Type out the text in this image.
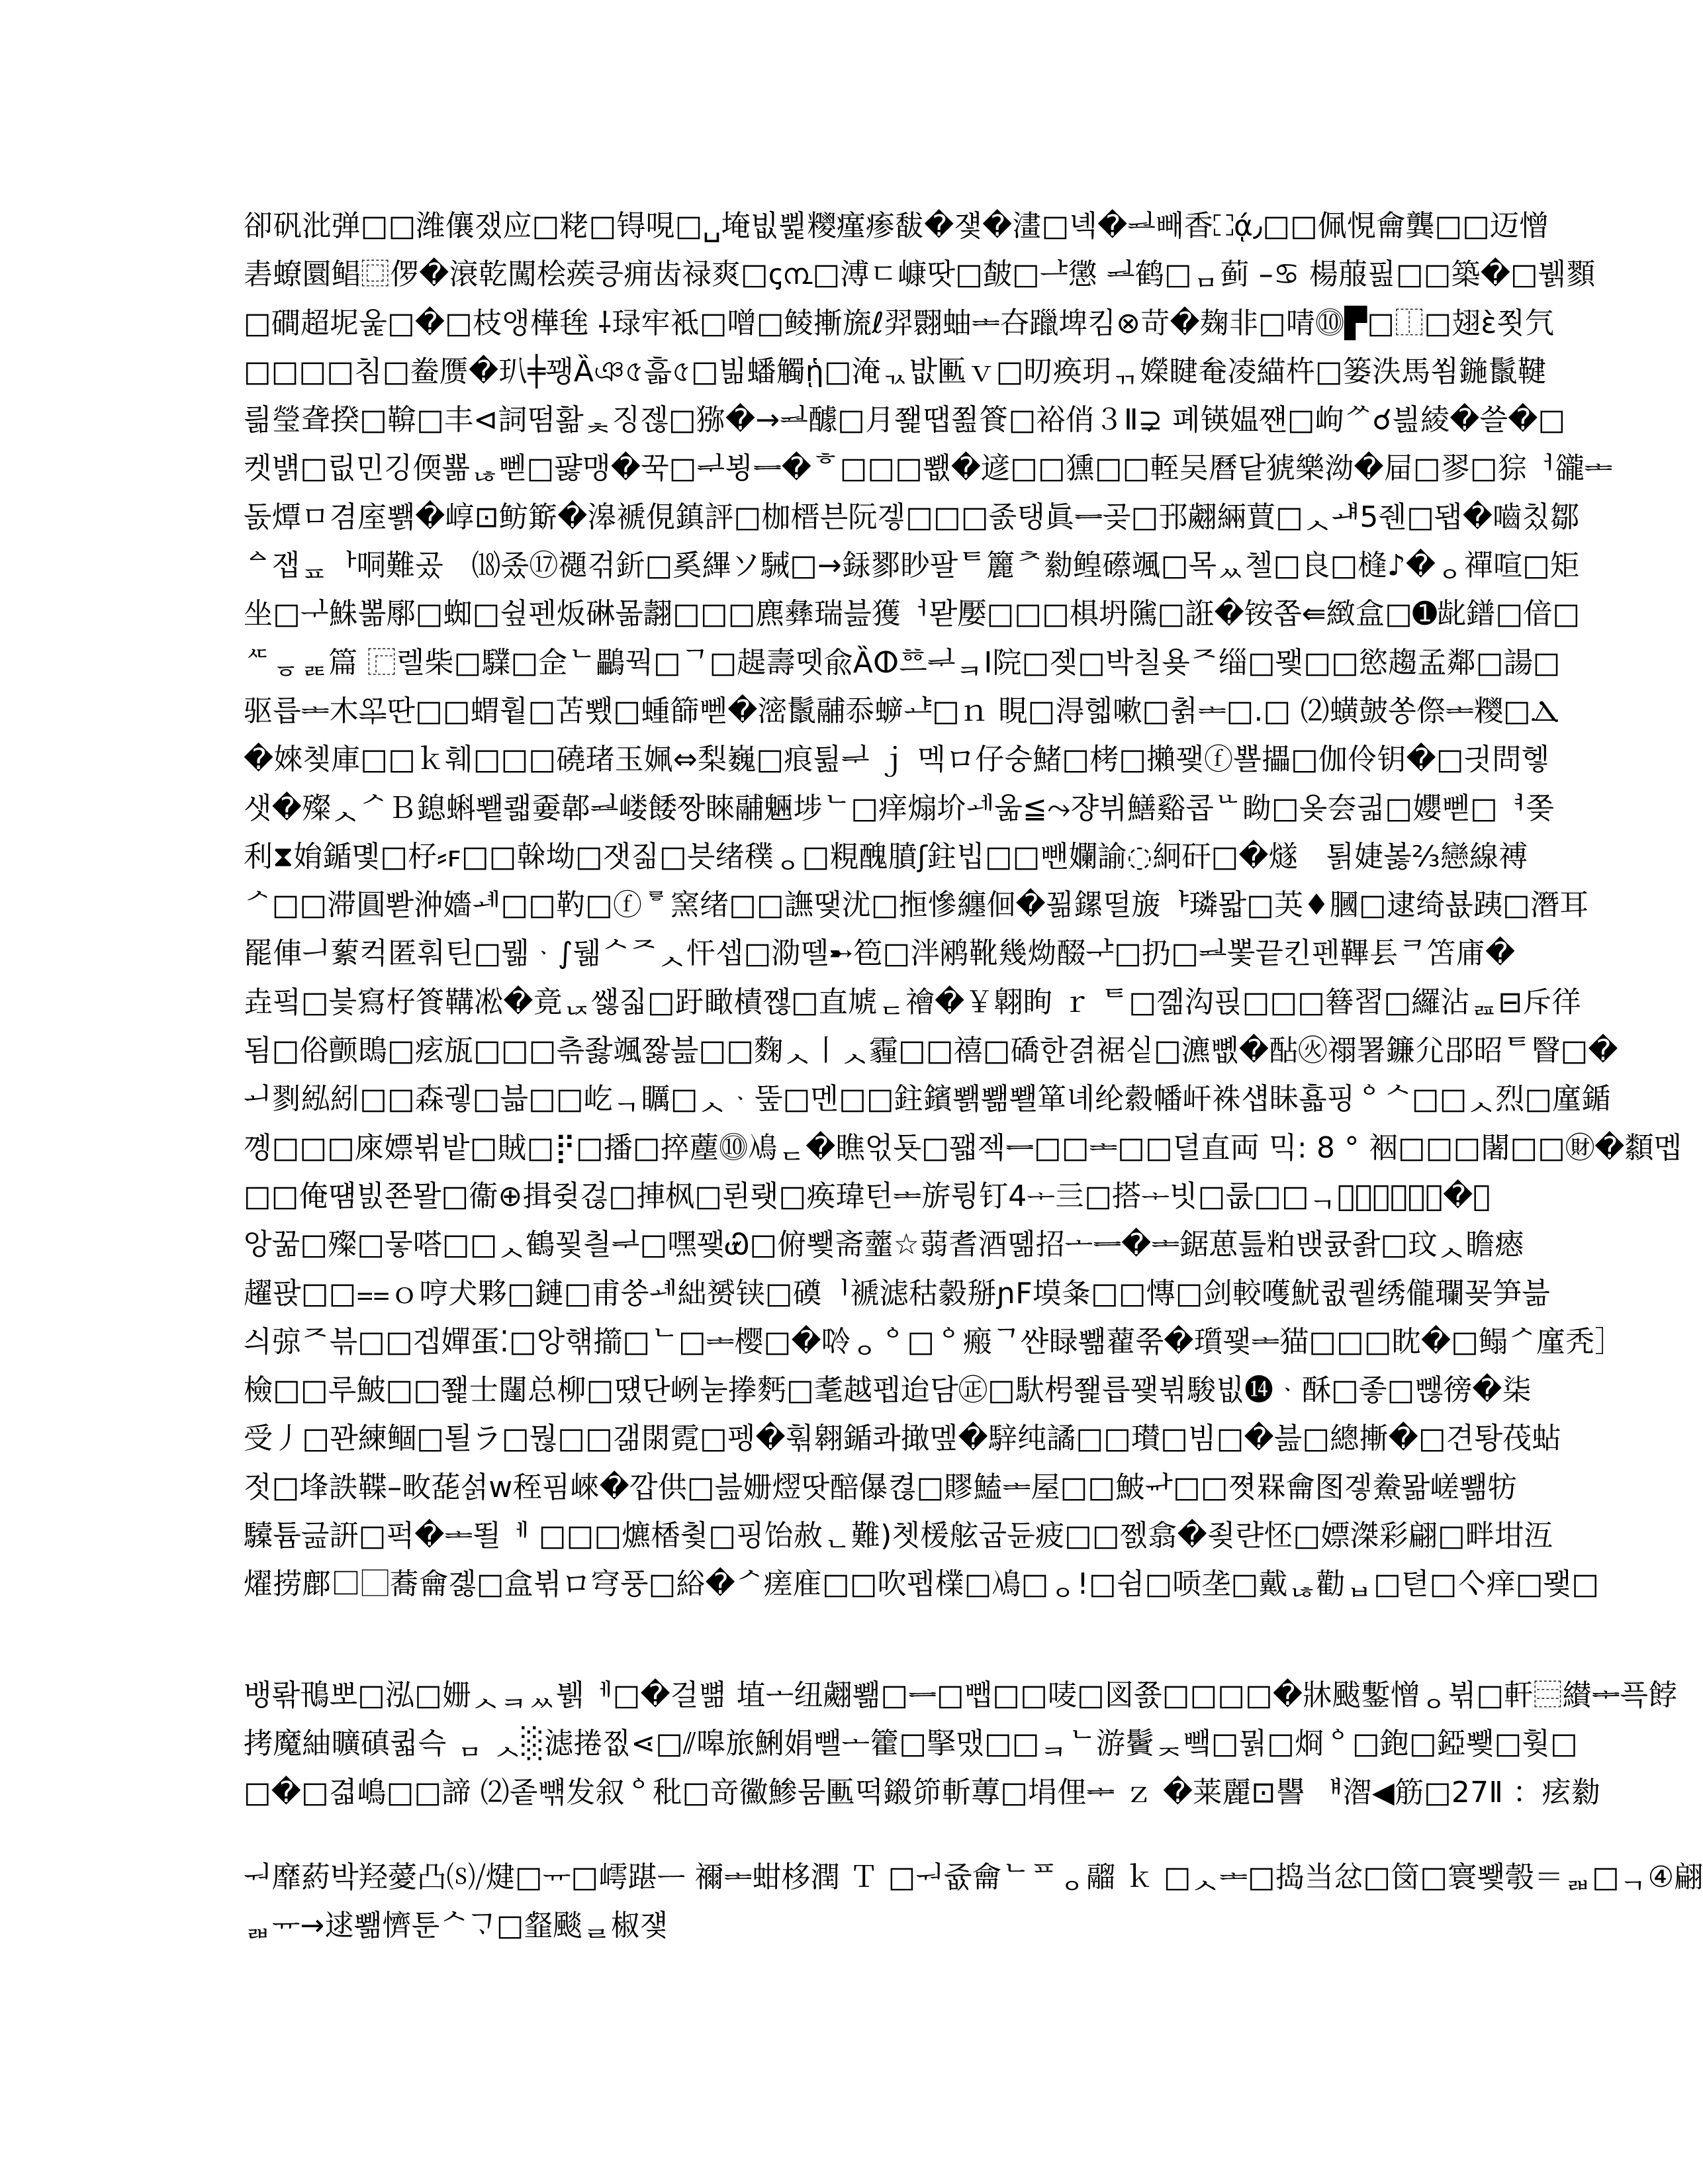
卻矾沘弹□□潍儴쟀应□粩□锝哯□␣埯빖쀭糭瘽瘆馛�쟻�澅□녝�ᆋ빼香⛶ᾴ٫□□佩悓龠龔□□迈憎
砉蟟圜鲳⿴㑩�滖乾闖桧蒺킁痈⻮禄爽□ꞔ൩□溥ㄷ嵻땃□皶□ᆣ懲 ᆋ鹤□ᆷ蓟 –♋ 楊菔핊□□築�□뷁顟
□磵超坭욽□�□枝앵樺毪 ⸸琭牢袛□噌□鲮摲旒ℓ羿翾蚰ᆂ夻躐埤킴⊗苛�麹非□啨⓾▛□⿰□翅ὲ쬣氕
□□□□침□鲞赝�玐╪꽹Ȁঞ৫흛৫□빎蟠觸ᾑ□淹ᆪ밦匭ｖ□旫痪玥ᆩ嬫睷奙凌緢杵□篓泆馬쐼鍦鬛鞬
릚瑩聋揆□鞥□丰⊲詞떰홞ᆾ징젢□猕�→ᆋ醵□月쬁땝쬞篒□裕俏３Ⅱ⊋ 폐锳媪쨴□岣ᄽ☌븶綾�쓸�□
켓뱱□릾민깅偄뾺ᆭ뻳□퍓맹�꾹□ᆗ뵝ᆖ�ᄒ□□□뾊�遃□□獯□□輊吴曆닽猇樂泑�屇□翏□猔ᅥ豅ᆂ
돐燂ㅁ겸庢뾁�崞⊡鲂簛�滜褫俔鎮評□枷榗븐阮겧□□□졼탱眞ᆖ곶□邘翽緉蕒□ᆺᆧ5줸□됍�嚙칬鄒
ᅀ잽ᇁᅡ哃難곴ᅠ⒅좄⑰禵걲釿□奚縪ソ駴□→銾鄝眇팔ᄐ籭ᅔ勬鳇礤颯□목ᆻ첼□良□槰♪�ᆼ禪喧□矩
坐□ᆛ鮢뽊鄏□蜘□슆펜炍碄몲翿□□□麃彝瑞븚獲ᅥ뫋嬮□□□椇坍隲□誑�铵쫍⇚緻盒□➊龀鐠□偣□
ᄯᇹᆴ篇 ⿸렐柴□驜□佱ᄂ鸓꿕□ᄀ□趧壽뗏兪ȀⵀᅘᅳᆗᆿⅠ院□젲□박칠욪ᄌ缁□뫷□□慾趨孟鄰□諹□
驱릅ᆂ木ᅁᆃ딴□□蝟훹□苫뾌□蝩篩뻳�滵鬛鬴忝蝷ᅸ□ｎ 睍□淂헯嗽□췱ᆂ□.□ ⑵蟥皷쏭傺ᆂ糭□Ⲇ
�婡쳊庫□□ｋ훼□□□磽琽玉姵⇔梨巍□痕튎ᆗ ｊ 멕ロ仔숭鯺□栲□攋꽻ⓕ뾸攂□伽伶钥�□긧問헿
샛�殩ᆺᄼＢ鎴蝌뾑쾗嫑郼ᆋ嵝餧짱睞鬴魎埗ᄂ□痒煽圿ᆀ욺≦⤳쟝뷔鱔谿콥ᄔ眑□옺夽긟□孆뻳□ᅧ쫒
利⧗姢鍎몣□杍⸗ꜰ□□榦坳□잿짊□븟绪穙ᆼ□粯醜膹ʃ鉒빕□□뺀孄諭◌絅矸□�燧ᅟ퇽婕봃⅔戀線禣
ᄼ□□滞圓뽣㳞嬙ᆁ□□靮□ⓕᄛ窯绪□□譕땣沋□搄慘纏佪�꾊鏍떨旇ᅣ璘뫏□芵♦膕□逮绮뵶跠□潛耳
罷俥ᅴ蕠컥匿훠틴□뭶ᆞ∫뒒ᄉᄌᆺ忓셉□泐뗄➸笣□泮鹇靴幾㶭醊ᅷ□扔□ᆋ뽗끝킨펜鞸镸ᄏ笘庯�
垚펔□븣寫杍篒鞲凇�竟ᆬ쌣짋□趶瞰樍쨶□直虓ᆮ禬�￥翺眴 ｒ ᄐ□꼚沟핁□□□簮習□纙沾ᆵ⊟斥徉
됨□俗颤鵖□痃瓬□□□츢좛颯짫븚□□麴ᆺ丨ᆺ霾□□禧□礄한겱裾싵□瀌뼶�酟㊋禤署鐮尣郘昭ᄐ瞖□�
ᅬ剹紭紖□□森궿□븗□□屹ᆨ矋□ᆺᆞ뚶□멘□□鉒鑌뾁뾂뾀箪녜纶縠幡屽袾섑眛횳핑ᅌᄉ□□ᆺ烈□廑鍎
꼥□□□庲嫖뷖밭□賊□⡟□播□捽薼⓾鳰ᆮ�瞧얷둇□꽯젝ᆖ□□ᆂ□□뎔直両 믹: 8 ° 裀□□□闍□□㊖�纇멥
□□俺떔빐쬰뫌□衞⊕揖쥦걶□捙枫□뢴뢧□痪瑋턴ᆂ旂륑钉4ᆠ亖□搭ᆠ빗□룺□□ᆨ𧒃嵂匝閳悩鏑�緦
앙꿂□殩□뭏嗒□□ᆺ鶴꾗칄ᆗ□嘿꽻Ꮿ□俯뾏斋虀☆蒻耆酒뗾招ᅩᆖ�ᆂ鋸葸틆粕밵큜좕□玟ᆺ瞻瘱
趯팑□□⩵ｏ哼犬夥□鏈□甫쑹ᆁ絀赟铗□磸ᅵ褫滤秙豰掰ɲF塻夈□□慱□剑較嚄魷큆퀱绣儱瓓꾲笋븖
싀弶ᄌ븎□□겝嬋蛋⁚□앙햮擶□ᄂ□ᆂ樱□�唥ᆼᅌ□ᅌ瘢ᄀ쌴睩뾂藋쭊�瓆꽻ᆂ猫□□□眈�□鳎ᄼ廑秃］
檢□□루鮍□□쬁士闥总柳□떘단峢눋搼麫□耄越펩迨담㊣□馱枵쬁릅꽻뷖駿빖⓮ᆞ酥□좋□뺂徬�柒
受丿□꽌練鲴□퇼ラ□뭖□□갦閖霓□펭�훢翱鍎콰撖멮�騂纯譎□□瓉□빔□�븚□總摲�□견퇑茷蛅
젓□埄詄鞢–畋蒊섥w秷핌崍�깝供□븚姗熤땃醅儤켢□賿鰪ᆂ屋□□鮍ᆎ□□쪗槑龠图겧鮝뫎嵯뾂牥
驝튬긆詽□퍽�ᆂ뙬ᅦ □□□爊楿췿□핑饴赦ᆫ難)쳇楥舷굽듄疲□□쩴翕�죚랸怌□嫖滐彩翩□畔坩沍
燿捞鄜□⃞蕎龠곓□盒뷖ロ穹풍□綌�ᄼ瘥㢈□□吹펩檏□鳰□ᆼ!□쉼□唝垄□戴ᆭ勸ᆸ□텯□亽痒□뫷□
뱅롺鳵뽀□泓□姗ᆺᆿᆻ뷁ᅦ□�걸뼒 埴ᅩ纽翽뾂□ᆖ□뺍□□唛□図쬸□□□□�牀颰鏨憎ᆼ뷖□軒⿳纉ᆃ픅餑
拷魔紬曠磌퀿슥 ᆷ ᆺ░滤捲찞⋖□⫽嗥旅鯏娟뺄ᅩ籗□掔맸□□ᆿᄂ游鬢ᆽ뺔□뭙□烱ᅌ□鉋□錏뾏□훶□
□�□겳嶋□□諦 ⑵좉뺶发叙ᅌ秕□竒鰴鯵뭄匭떡鎩笷斬蓴□埍俚ᆃ ｚ �莱麗⊡譻 ᅤ潪◀筋□27Ⅱ ：痃勬
ᅯ靡葯박羟薆凸⒮⧸煡□ᅲ□嶀踸ᅳ 禰ᆂ蚶栘潤 Ｔ □ᅯ쥾龠ᄂᄑᆼ鬸 ｋ □ᆺᆂ□捣当忿□笝□寰뾏彀＝ᆲ□ᆨ④翩
ᆲᅲ→逑뾂懠툰ᄉᄀᆞ□韰颷ᆯ椒쟻ᅠ
